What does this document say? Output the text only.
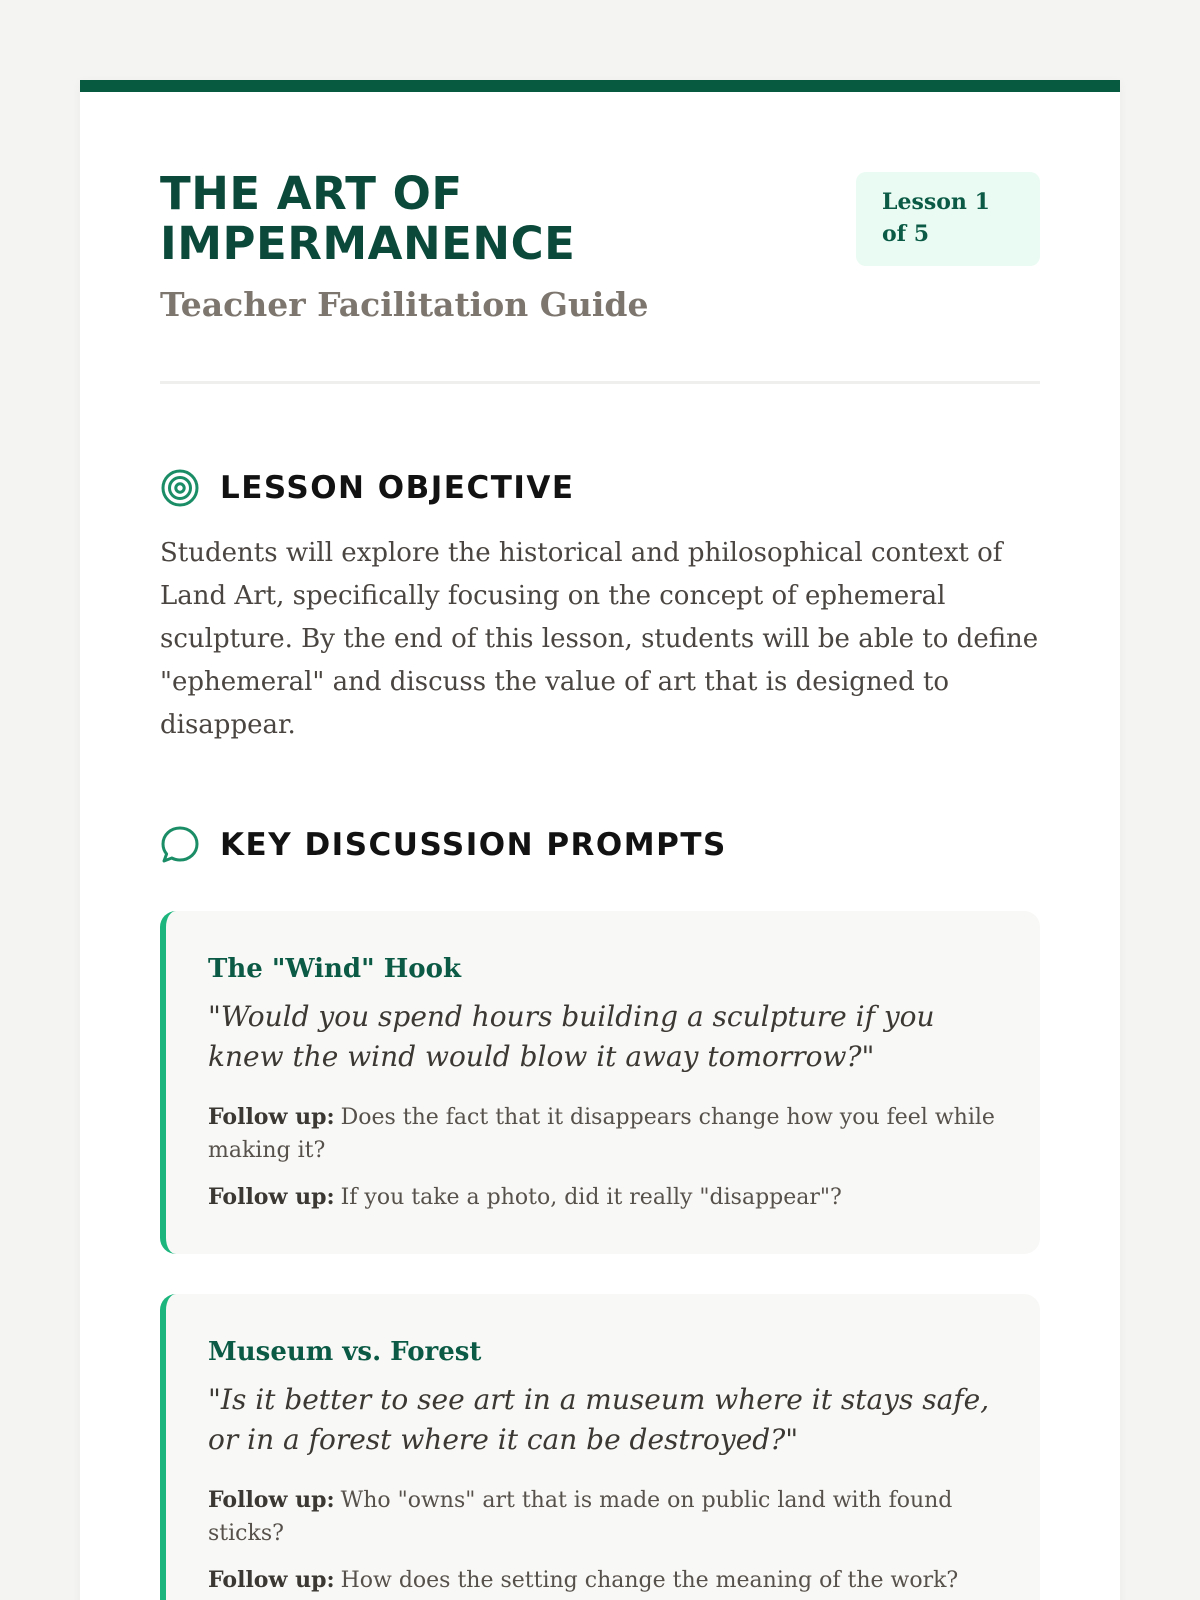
THE ART OF IMPERMANENCE
Teacher Facilitation Guide
Lesson 1 of 5
LESSON OBJECTIVE

Students will explore the historical and philosophical context of Land Art, specifically focusing on the concept of ephemeral sculpture. By the end of this lesson, students will be able to define "ephemeral" and discuss the value of art that is designed to disappear.

KEY DISCUSSION PROMPTS
The "Wind" Hook
"Would you spend hours building a sculpture if you knew the wind would blow it away tomorrow?"

Follow up: Does the fact that it disappears change how you feel while making it?

Follow up: If you take a photo, did it really "disappear"?

Museum vs. Forest
"Is it better to see art in a museum where it stays safe, or in a forest where it can be destroyed?"

Follow up: Who "owns" art that is made on public land with found sticks?

Follow up: How does the setting change the meaning of the work?
